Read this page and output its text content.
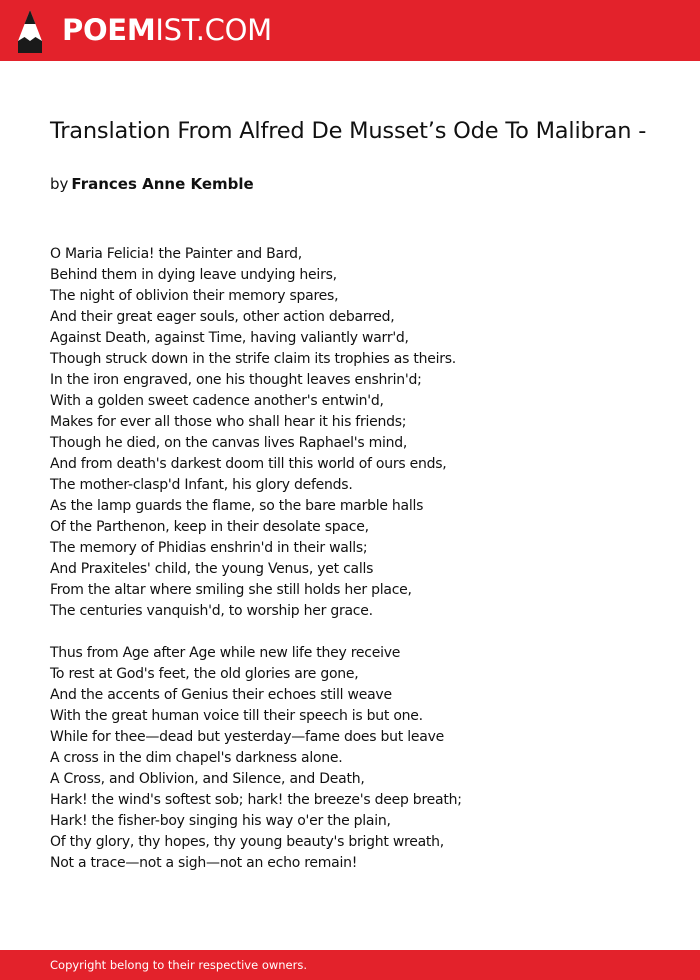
POEMIST.COM
Translation From Alfred De Musset’s Ode To Malibran -
by Frances Anne Kemble
O Maria Felicia! the Painter and Bard,
Behind them in dying leave undying heirs,
The night of oblivion their memory spares,
And their great eager souls, other action debarred,
Against Death, against Time, having valiantly warr'd,
Though struck down in the strife claim its trophies as theirs.
In the iron engraved, one his thought leaves enshrin'd;
With a golden sweet cadence another's entwin'd,
Makes for ever all those who shall hear it his friends;
Though he died, on the canvas lives Raphael's mind,
And from death's darkest doom till this world of ours ends,
The mother-clasp'd Infant, his glory defends.
As the lamp guards the flame, so the bare marble halls
Of the Parthenon, keep in their desolate space,
The memory of Phidias enshrin'd in their walls;
And Praxiteles' child, the young Venus, yet calls
From the altar where smiling she still holds her place,
The centuries vanquish'd, to worship her grace.
Thus from Age after Age while new life they receive
To rest at God's feet, the old glories are gone,
And the accents of Genius their echoes still weave
With the great human voice till their speech is but one.
While for thee—dead but yesterday—fame does but leave
A cross in the dim chapel's darkness alone.
A Cross, and Oblivion, and Silence, and Death,
Hark! the wind's softest sob; hark! the breeze's deep breath;
Hark! the fisher-boy singing his way o'er the plain,
Of thy glory, thy hopes, thy young beauty's bright wreath,
Not a trace—not a sigh—not an echo remain!
Copyright belong to their respective owners.
